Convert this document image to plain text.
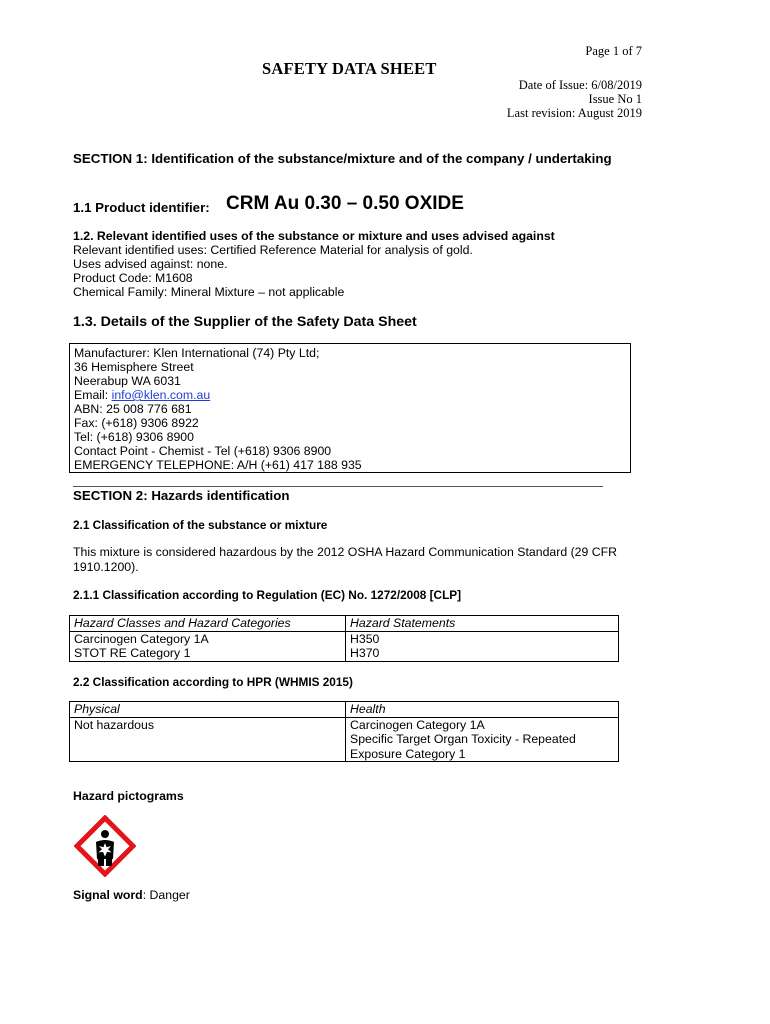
Page 1 of 7
SAFETY DATA SHEET
Date of Issue: 6/08/2019
Issue No 1
Last revision: August 2019
SECTION 1: Identification of the substance/mixture and of the company / undertaking
1.1 Product identifier: CRM Au 0.30 – 0.50 OXIDE
1.2. Relevant identified uses of the substance or mixture and uses advised against
Relevant identified uses: Certified Reference Material for analysis of gold.
Uses advised against: none.
Product Code: M1608
Chemical Family: Mineral Mixture – not applicable
1.3. Details of the Supplier of the Safety Data Sheet
Manufacturer: Klen International (74) Pty Ltd;
36 Hemisphere Street
Neerabup WA 6031
Email: info@klen.com.au
ABN: 25 008 776 681
Fax: (+618) 9306 8922
Tel: (+618) 9306 8900
Contact Point - Chemist - Tel (+618) 9306 8900
EMERGENCY TELEPHONE: A/H (+61) 417 188 935
SECTION 2: Hazards identification
2.1 Classification of the substance or mixture
This mixture is considered hazardous by the 2012 OSHA Hazard Communication Standard (29 CFR 1910.1200).
2.1.1 Classification according to Regulation (EC) No. 1272/2008 [CLP]
Hazard Classes and Hazard Categories	Hazard Statements
Carcinogen Category 1A	H350
STOT RE Category 1	H370
2.2 Classification according to HPR (WHMIS 2015)
Physical	Health
Not hazardous	Carcinogen Category 1A
Specific Target Organ Toxicity - Repeated
Exposure Category 1
Hazard pictograms
Signal word: Danger
